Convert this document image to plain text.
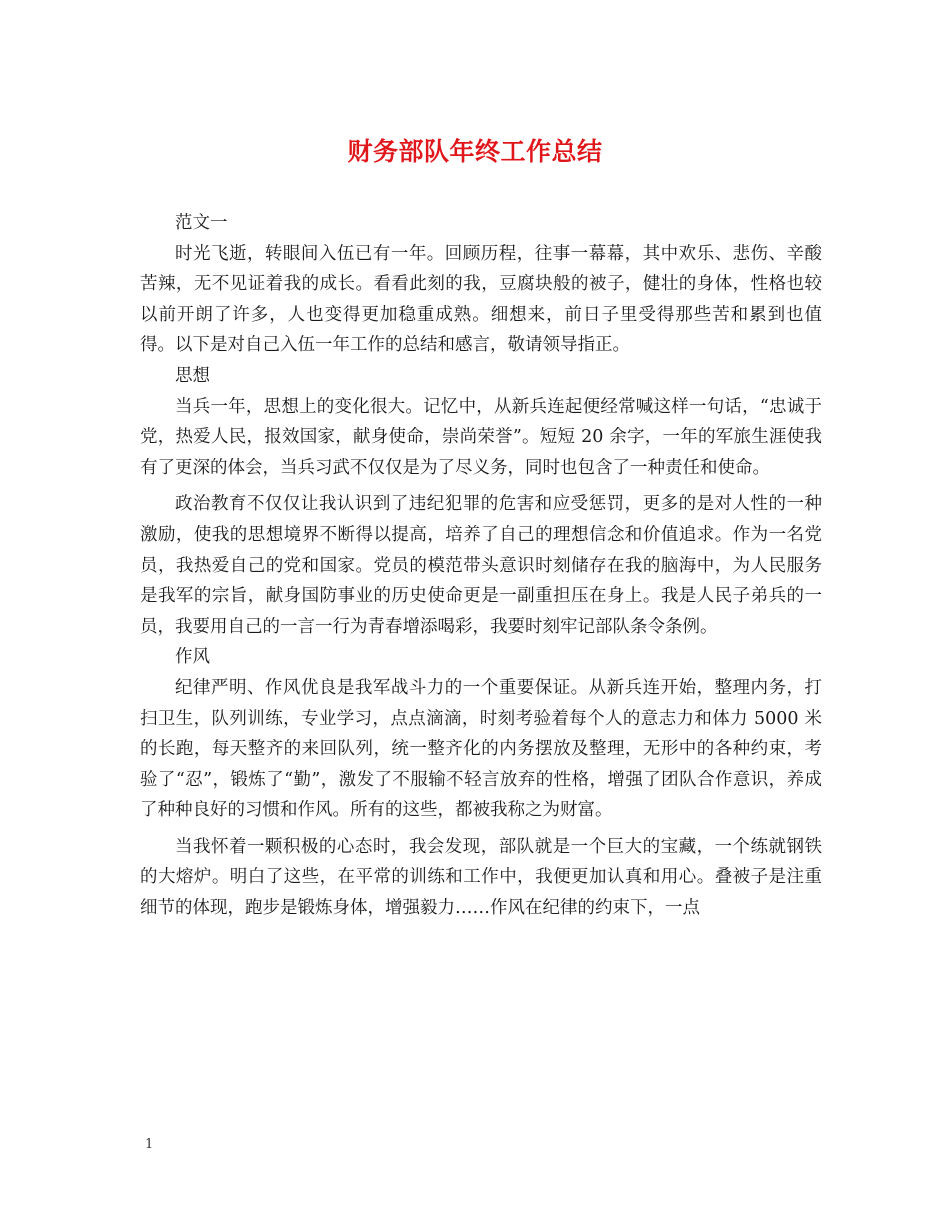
财务部队年终工作总结

范文一

时光飞逝，转眼间入伍已有一年。回顾历程，往事一幕幕，其中欢乐、悲伤、辛酸苦辣，无不见证着我的成长。看看此刻的我，豆腐块般的被子，健壮的身体，性格也较以前开朗了许多，人也变得更加稳重成熟。细想来，前日子里受得那些苦和累到也值得。以下是对自己入伍一年工作的总结和感言，敬请领导指正。

思想

当兵一年，思想上的变化很大。记忆中，从新兵连起便经常喊这样一句话，“忠诚于党，热爱人民，报效国家，献身使命，崇尚荣誉”。短短 20 余字，一年的军旅生涯使我有了更深的体会，当兵习武不仅仅是为了尽义务，同时也包含了一种责任和使命。

政治教育不仅仅让我认识到了违纪犯罪的危害和应受惩罚，更多的是对人性的一种激励，使我的思想境界不断得以提高，培养了自己的理想信念和价值追求。作为一名党员，我热爱自己的党和国家。党员的模范带头意识时刻储存在我的脑海中，为人民服务是我军的宗旨，献身国防事业的历史使命更是一副重担压在身上。我是人民子弟兵的一员，我要用自己的一言一行为青春增添喝彩，我要时刻牢记部队条令条例。

作风

纪律严明、作风优良是我军战斗力的一个重要保证。从新兵连开始，整理内务，打扫卫生，队列训练，专业学习，点点滴滴，时刻考验着每个人的意志力和体力 5000 米的长跑，每天整齐的来回队列，统一整齐化的内务摆放及整理，无形中的各种约束，考验了“忍”，锻炼了“勤”，激发了不服输不轻言放弃的性格，增强了团队合作意识，养成了种种良好的习惯和作风。所有的这些，都被我称之为财富。

当我怀着一颗积极的心态时，我会发现，部队就是一个巨大的宝藏，一个练就钢铁的大熔炉。明白了这些，在平常的训练和工作中，我便更加认真和用心。叠被子是注重细节的体现，跑步是锻炼身体，增强毅力……作风在纪律的约束下，一点

1
